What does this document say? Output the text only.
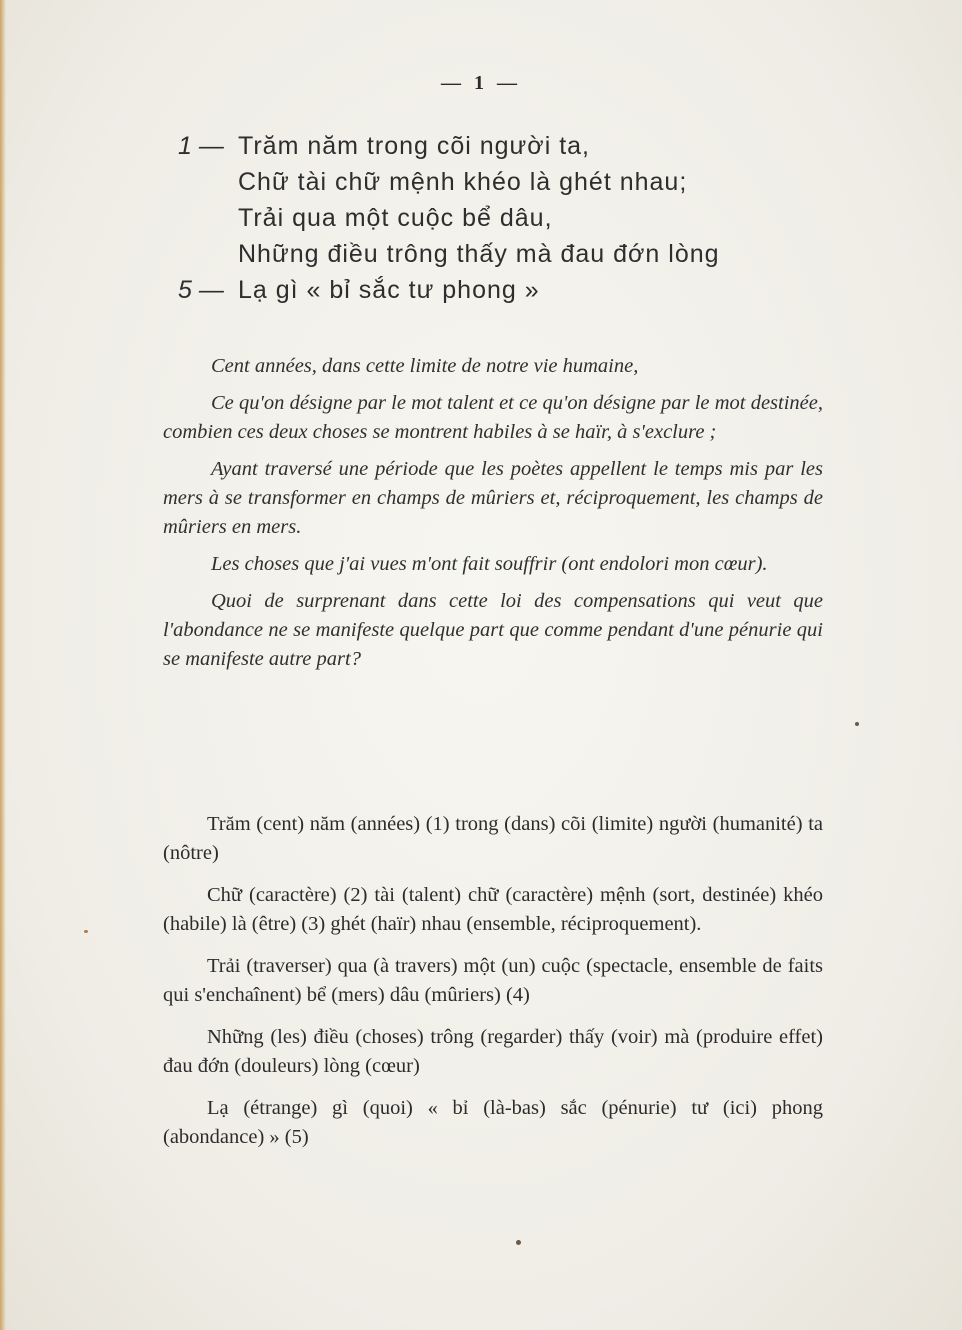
— 1 —
1 — Trăm năm trong cõi người ta,
Chữ tài chữ mệnh khéo là ghét nhau;
Trải qua một cuộc bể dâu,
Những điều trông thấy mà đau đớn lòng
5 — Lạ gì « bỉ sắc tư phong »

Cent années, dans cette limite de notre vie humaine,

Ce qu'on désigne par le mot talent et ce qu'on désigne par le mot destinée, combien ces deux choses se montrent habiles à se haïr, à s'exclure ;

Ayant traversé une période que les poètes appellent le temps mis par les mers à se transformer en champs de mûriers et, réciproquement, les champs de mûriers en mers.

Les choses que j'ai vues m'ont fait souffrir (ont endolori mon cœur).

Quoi de surprenant dans cette loi des compensations qui veut que l'abondance ne se manifeste quelque part que comme pendant d'une pénurie qui se manifeste autre part?

Trăm (cent) năm (années) (1) trong (dans) cõi (limite) người (humanité) ta (nôtre)

Chữ (caractère) (2) tài (talent) chữ (caractère) mệnh (sort, destinée) khéo (habile) là (être) (3) ghét (haïr) nhau (ensemble, réciproquement).

Trải (traverser) qua (à travers) một (un) cuộc (spectacle, ensemble de faits qui s'enchaînent) bể (mers) dâu (mûriers) (4)

Những (les) điều (choses) trông (regarder) thấy (voir) mà (produire effet) đau đớn (douleurs) lòng (cœur)

Lạ (étrange) gì (quoi) « bỉ (là-bas) sắc (pénurie) tư (ici) phong (abondance) » (5)
